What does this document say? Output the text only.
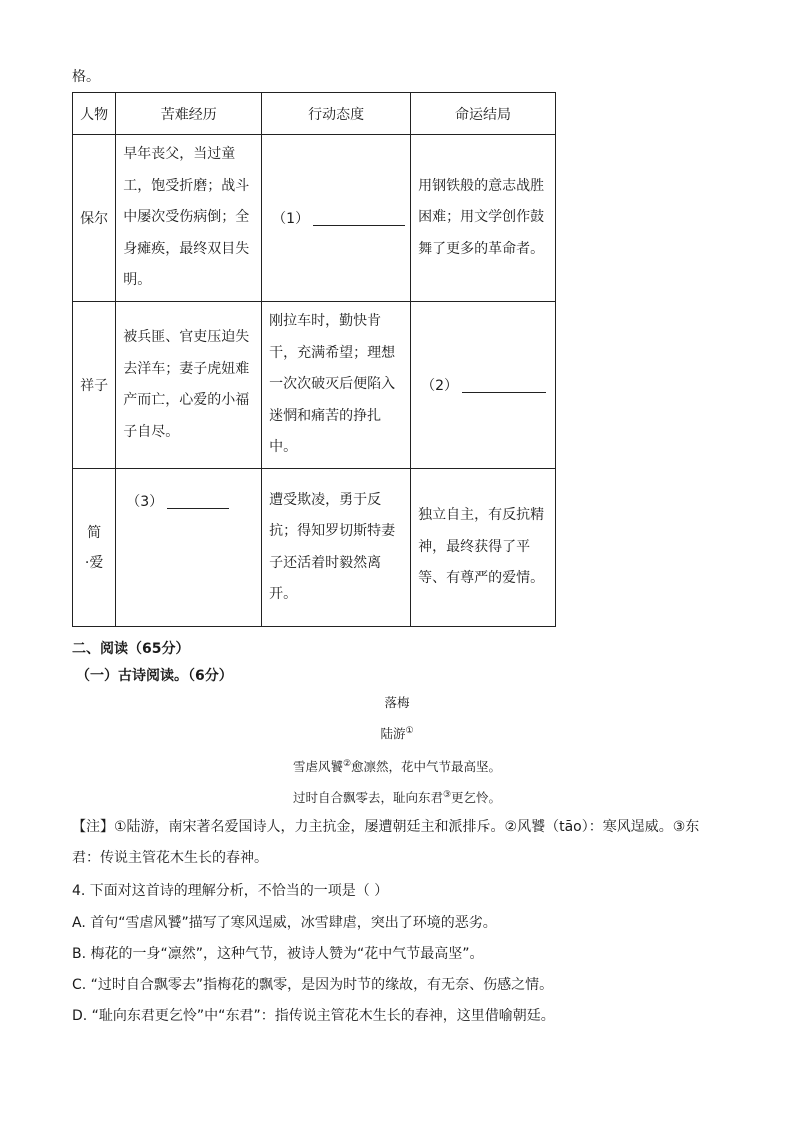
格。
人物	苦难经历	行动态度	命运结局
保尔	早年丧父，当过童工，饱受折磨；战斗中屡次受伤病倒；全身瘫痪，最终双目失明。	（1）	用钢铁般的意志战胜困难；用文学创作鼓舞了更多的革命者。
祥子	被兵匪、官吏压迫失去洋车；妻子虎妞难产而亡，心爱的小福子自尽。	刚拉车时，勤快肯干，充满希望；理想一次次破灭后便陷入迷惘和痛苦的挣扎中。	（2）

简
·爱	（3）	遭受欺凌，勇于反抗；得知罗切斯特妻子还活着时毅然离开。	独立自主，有反抗精神，最终获得了平等、有尊严的爱情。
二、阅读（65分）
（一）古诗阅读。（6分）
落梅
陆游①
雪虐风饕②愈凛然，花中气节最高坚。
过时自合飘零去，耻向东君③更乞怜。
【注】①陆游，南宋著名爱国诗人，力主抗金，屡遭朝廷主和派排斥。②风饕（tāo）：寒风逞威。③东君：传说主管花木生长的春神。
4. 下面对这首诗的理解分析，不恰当的一项是（ ）
A. 首句“雪虐风饕”描写了寒风逞威，冰雪肆虐，突出了环境的恶劣。
B. 梅花的一身“凛然”，这种气节，被诗人赞为“花中气节最高坚”。
C. “过时自合飘零去”指梅花的飘零，是因为时节的缘故，有无奈、伤感之情。
D. “耻向东君更乞怜”中“东君”：指传说主管花木生长的春神，这里借喻朝廷。
